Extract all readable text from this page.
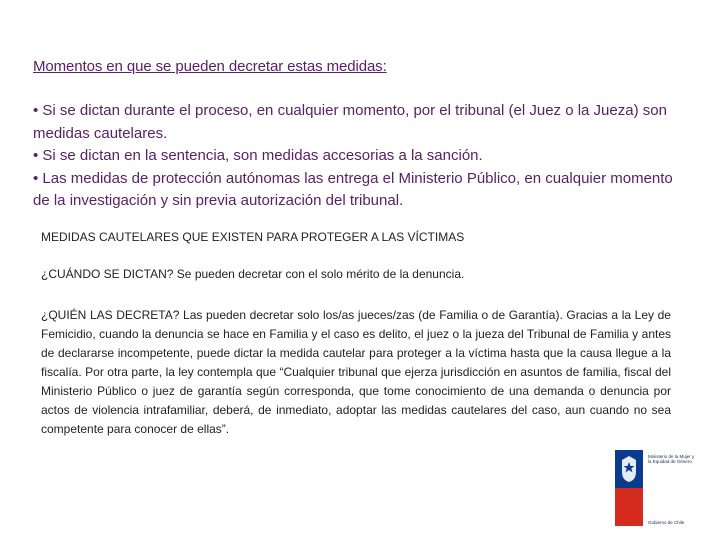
Momentos en que se pueden decretar estas medidas:

• Si se dictan durante el proceso, en cualquier momento, por el tribunal (el Juez o la Jueza) son medidas cautelares.

• Si se dictan en la sentencia, son medidas accesorias a la sanción.

• Las medidas de protección autónomas las entrega el Ministerio Público, en cualquier momento de la investigación y sin previa autorización del tribunal.

MEDIDAS CAUTELARES QUE EXISTEN PARA PROTEGER A LAS VÍCTIMAS
¿CUÁNDO SE DICTAN? Se pueden decretar con el solo mérito de la denuncia.
¿QUIÉN LAS DECRETA? Las pueden decretar solo los/as jueces/zas (de Familia o de Garantía). Gracias a la Ley de Femicidio, cuando la denuncia se hace en Familia y el caso es delito, el juez o la jueza del Tribunal de Familia y antes de declararse incompetente, puede dictar la medida cautelar para proteger a la víctima hasta que la causa llegue a la fiscalía. Por otra parte, la ley contempla que “Cualquier tribunal que ejerza jurisdicción en asuntos de familia, fiscal del Ministerio Público o juez de garantía según corresponda, que tome conocimiento de una demanda o denuncia por actos de violencia intrafamiliar, deberá, de inmediato, adoptar las medidas cautelares del caso, aun cuando no sea competente para conocer de ellas”.
Ministerio de la Mujer y la Equidad de Género
Gobierno de Chile
